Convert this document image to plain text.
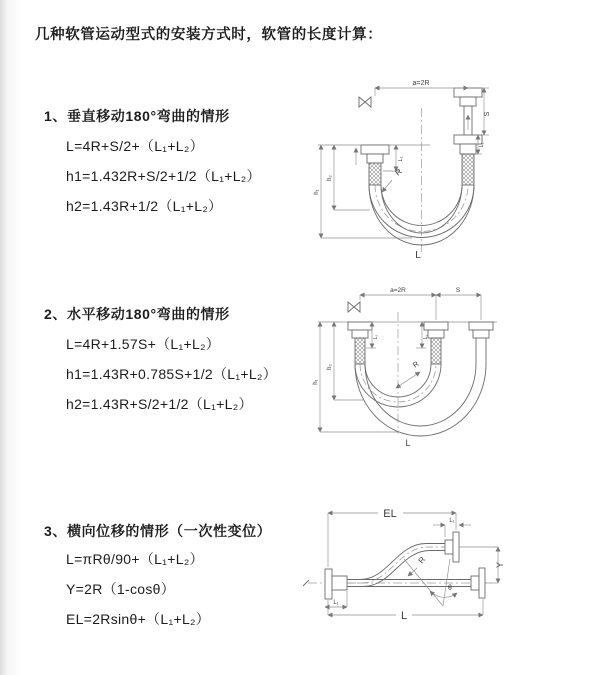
几种软管运动型式的安装方式时，软管的长度计算：
1、垂直移动180°弯曲的情形
L=4R+S/2+（L₁+L₂）
h1=1.432R+S/2+1/2（L₁+L₂）
h2=1.43R+1/2（L₁+L₂）
2、水平移动180°弯曲的情形
L=4R+1.57S+（L₁+L₂）
h1=1.43R+0.785S+1/2（L₁+L₂）
h2=1.43R+S/2+1/2（L₁+L₂）
3、横向位移的情形（一次性变位）
L=πRθ/90+（L₁+L₂）
Y=2R（1-cosθ）
EL=2Rsinθ+（L₁+L₂）
a=2R
S
L₁
L₁
h₂
h₁
R
L
a=2R	S
L₁	L₁
h₂
h₁
R
L
EL
L₁
Y
L
L₁
R
θ
